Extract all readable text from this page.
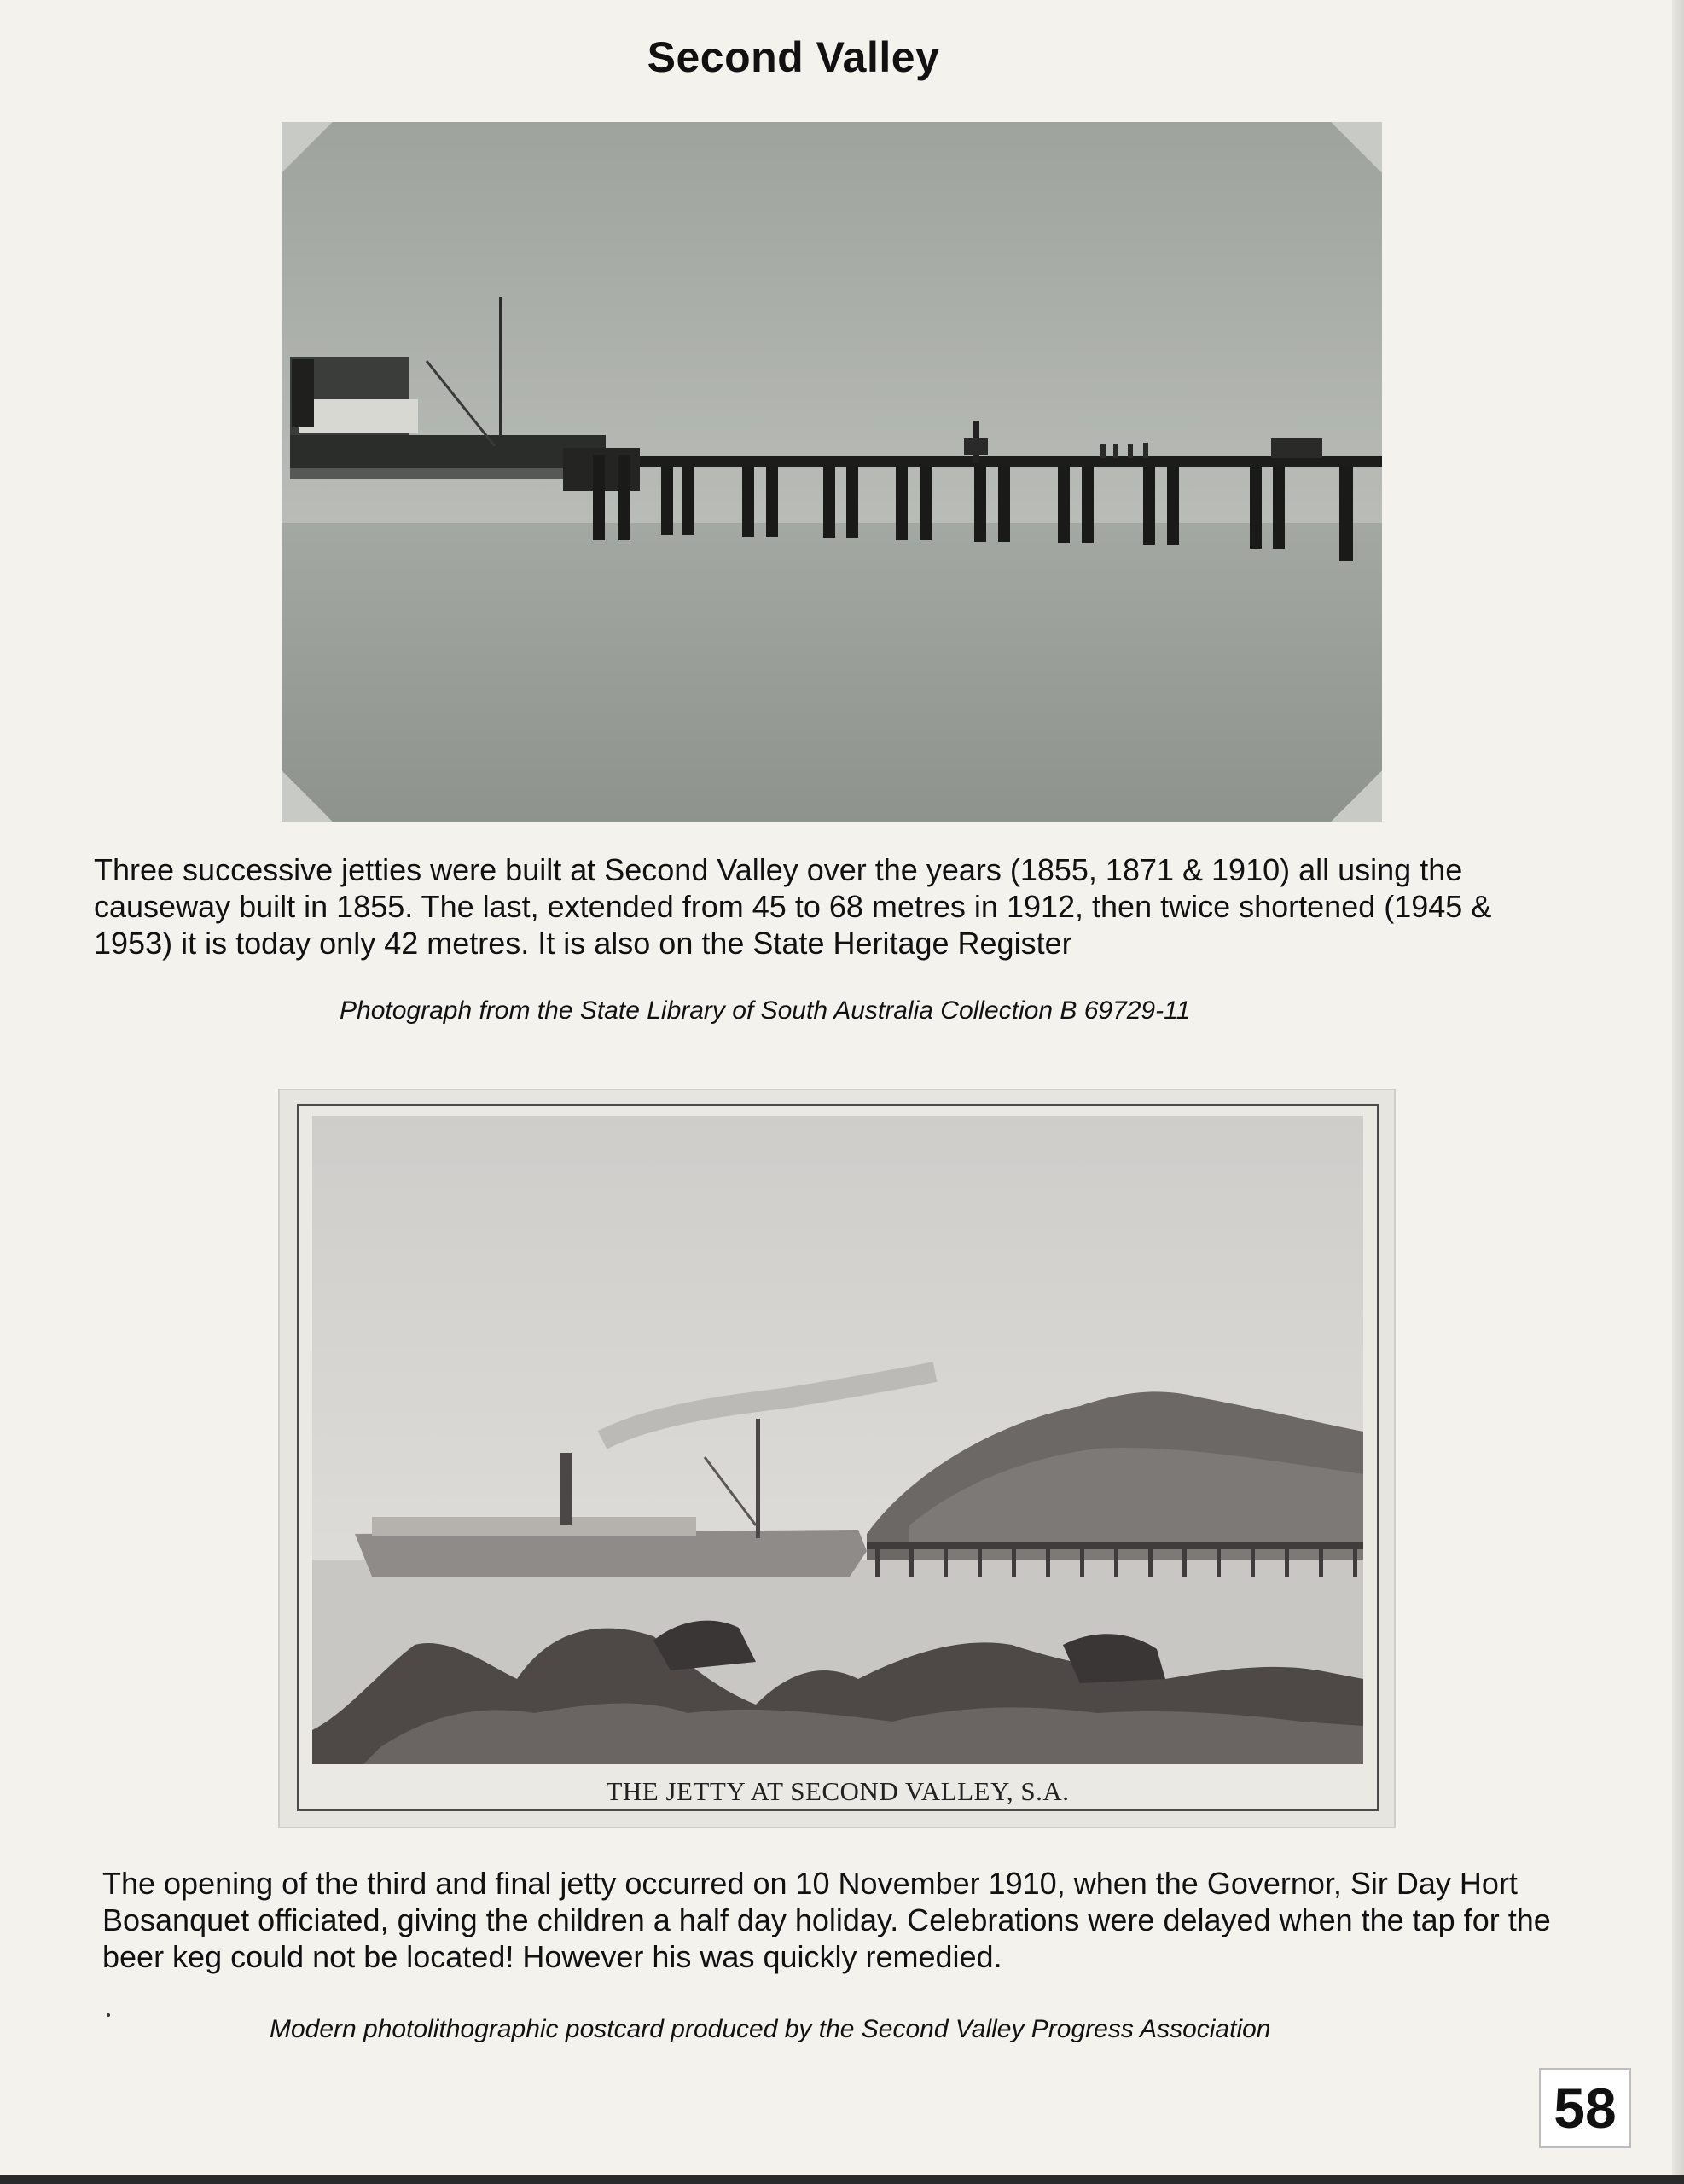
Second Valley
Three successive jetties were built at Second Valley over the years (1855, 1871 & 1910) all using the causeway built in 1855. The last, extended from 45 to 68 metres in 1912, then twice shortened (1945 & 1953) it is today only 42 metres. It is also on the State Heritage Register
Photograph from the State Library of South Australia Collection B 69729-11
THE JETTY AT SECOND VALLEY, S.A.
The opening of the third and final jetty occurred on 10 November 1910, when the Governor, Sir Day Hort Bosanquet officiated, giving the children a half day holiday. Celebrations were delayed when the tap for the beer keg could not be located! However his was quickly remedied.
Modern photolithographic postcard produced by the Second Valley Progress Association
58
